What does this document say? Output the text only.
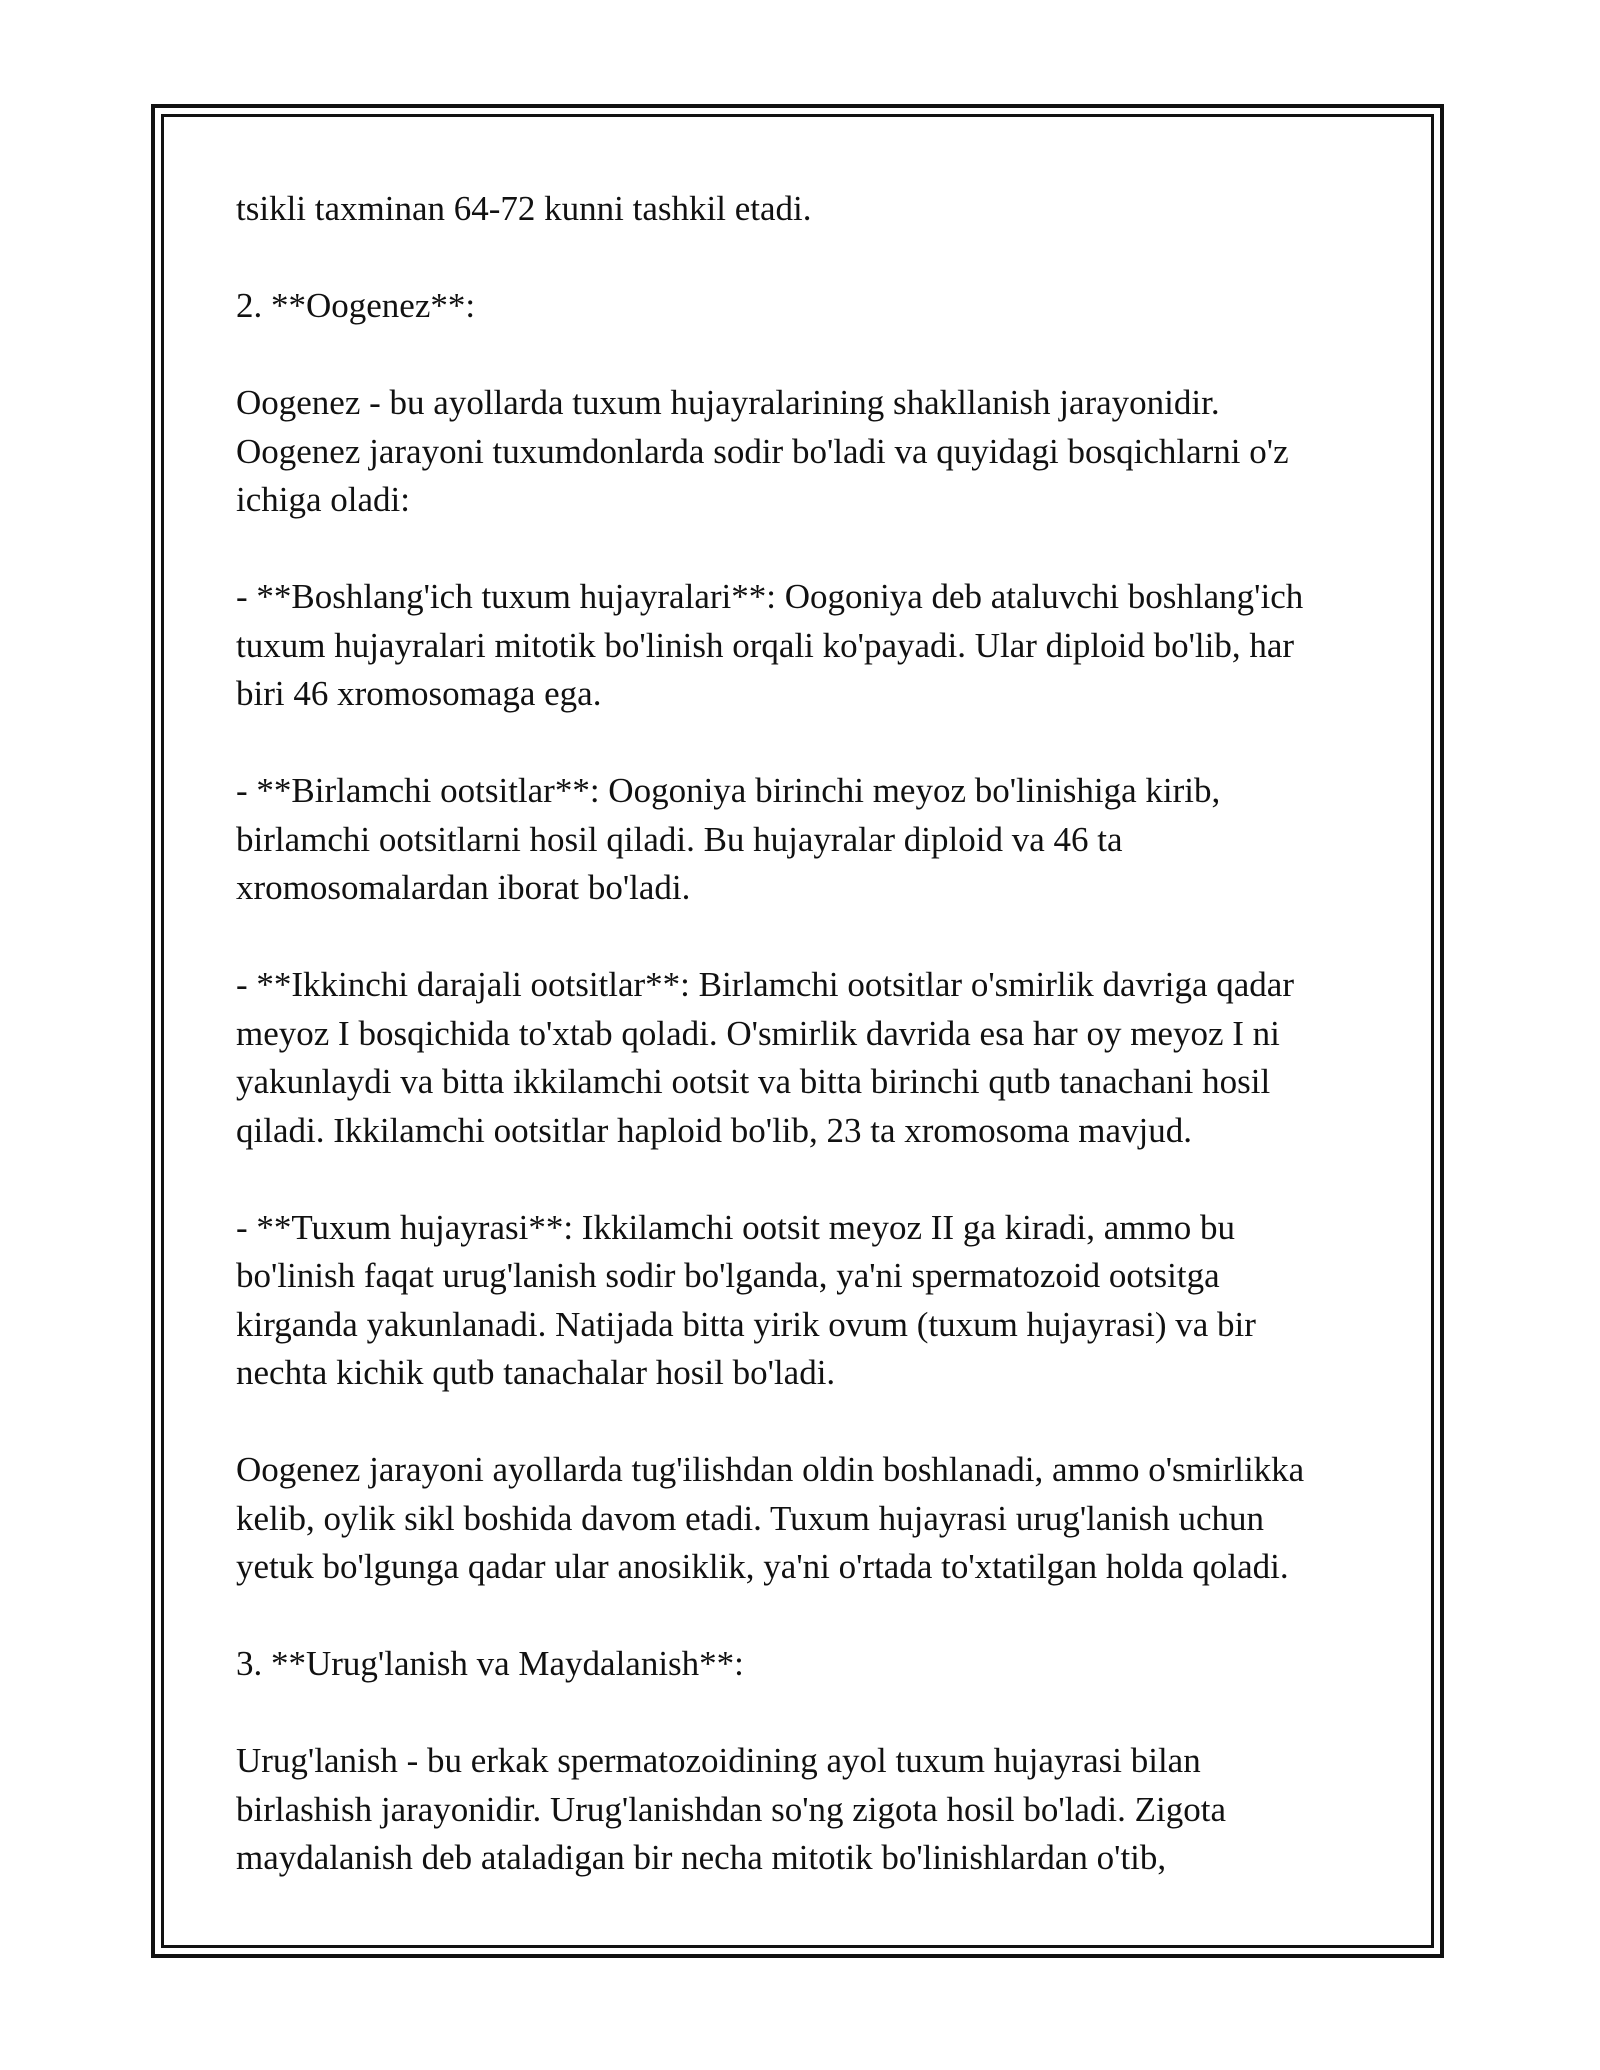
tsikli taxminan 64-72 kunni tashkil etadi.

2. **Oogenez**:

Oogenez - bu ayollarda tuxum hujayralarining shakllanish jarayonidir.

Oogenez jarayoni tuxumdonlarda sodir bo'ladi va quyidagi bosqichlarni o'z

ichiga oladi:

- **Boshlang'ich tuxum hujayralari**: Oogoniya deb ataluvchi boshlang'ich

tuxum hujayralari mitotik bo'linish orqali ko'payadi. Ular diploid bo'lib, har

biri 46 xromosomaga ega.

- **Birlamchi ootsitlar**: Oogoniya birinchi meyoz bo'linishiga kirib,

birlamchi ootsitlarni hosil qiladi. Bu hujayralar diploid va 46 ta

xromosomalardan iborat bo'ladi.

- **Ikkinchi darajali ootsitlar**: Birlamchi ootsitlar o'smirlik davriga qadar

meyoz I bosqichida to'xtab qoladi. O'smirlik davrida esa har oy meyoz I ni

yakunlaydi va bitta ikkilamchi ootsit va bitta birinchi qutb tanachani hosil

qiladi. Ikkilamchi ootsitlar haploid bo'lib, 23 ta xromosoma mavjud.

- **Tuxum hujayrasi**: Ikkilamchi ootsit meyoz II ga kiradi, ammo bu

bo'linish faqat urug'lanish sodir bo'lganda, ya'ni spermatozoid ootsitga

kirganda yakunlanadi. Natijada bitta yirik ovum (tuxum hujayrasi) va bir

nechta kichik qutb tanachalar hosil bo'ladi.

Oogenez jarayoni ayollarda tug'ilishdan oldin boshlanadi, ammo o'smirlikka

kelib, oylik sikl boshida davom etadi. Tuxum hujayrasi urug'lanish uchun

yetuk bo'lgunga qadar ular anosiklik, ya'ni o'rtada to'xtatilgan holda qoladi.

3. **Urug'lanish va Maydalanish**:

Urug'lanish - bu erkak spermatozoidining ayol tuxum hujayrasi bilan

birlashish jarayonidir. Urug'lanishdan so'ng zigota hosil bo'ladi. Zigota

maydalanish deb ataladigan bir necha mitotik bo'linishlardan o'tib,
